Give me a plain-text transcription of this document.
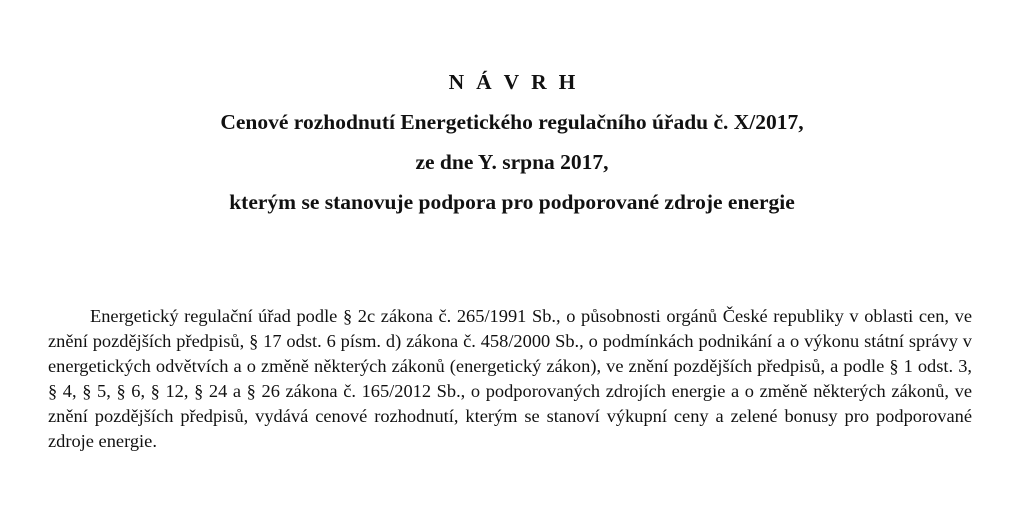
NÁVRH
Cenové rozhodnutí Energetického regulačního úřadu č. X/2017,
ze dne Y. srpna 2017,
kterým se stanovuje podpora pro podporované zdroje energie

Energetický regulační úřad podle § 2c zákona č. 265/1991 Sb., o působnosti orgánů České republiky v oblasti cen, ve znění pozdějších předpisů, § 17 odst. 6 písm. d) zákona č. 458/2000 Sb., o podmínkách podnikání a o výkonu státní správy v energetických odvětvích a o změně některých zákonů (energetický zákon), ve znění pozdějších předpisů, a podle § 1 odst. 3, § 4, § 5, § 6, § 12, § 24 a § 26 zákona č. 165/2012 Sb., o podporovaných zdrojích energie a o změně některých zákonů, ve znění pozdějších předpisů, vydává cenové rozhodnutí, kterým se stanoví výkupní ceny a zelené bonusy pro podporované zdroje energie.
